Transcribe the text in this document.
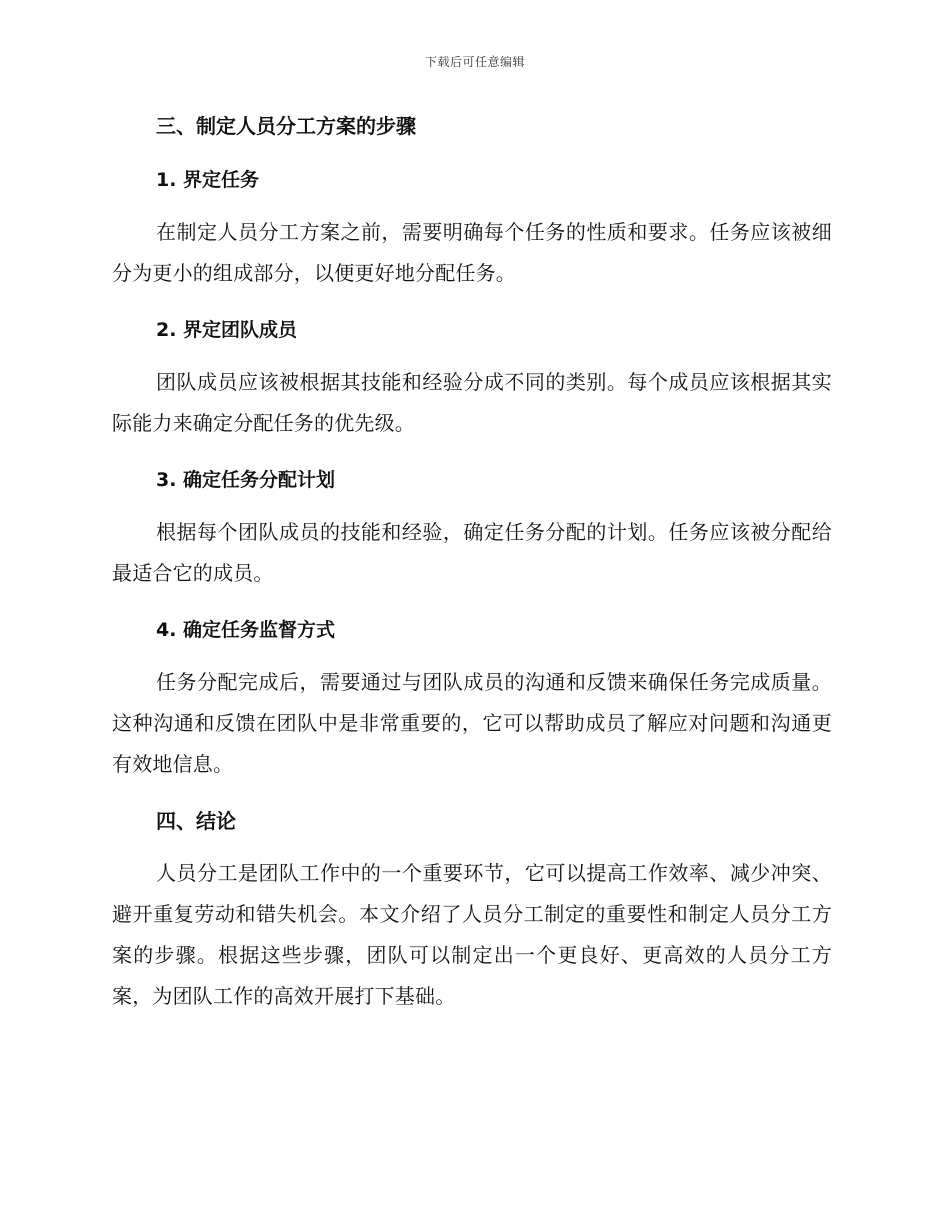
下载后可任意编辑
三、制定人员分工方案的步骤
1. 界定任务

在制定人员分工方案之前，需要明确每个任务的性质和要求。任务应该被细分为更小的组成部分，以便更好地分配任务。

2. 界定团队成员

团队成员应该被根据其技能和经验分成不同的类别。每个成员应该根据其实际能力来确定分配任务的优先级。

3. 确定任务分配计划

根据每个团队成员的技能和经验，确定任务分配的计划。任务应该被分配给最适合它的成员。

4. 确定任务监督方式

任务分配完成后，需要通过与团队成员的沟通和反馈来确保任务完成质量。这种沟通和反馈在团队中是非常重要的，它可以帮助成员了解应对问题和沟通更有效地信息。

四、结论

人员分工是团队工作中的一个重要环节，它可以提高工作效率、减少冲突、避开重复劳动和错失机会。本文介绍了人员分工制定的重要性和制定人员分工方案的步骤。根据这些步骤，团队可以制定出一个更良好、更高效的人员分工方案，为团队工作的高效开展打下基础。
